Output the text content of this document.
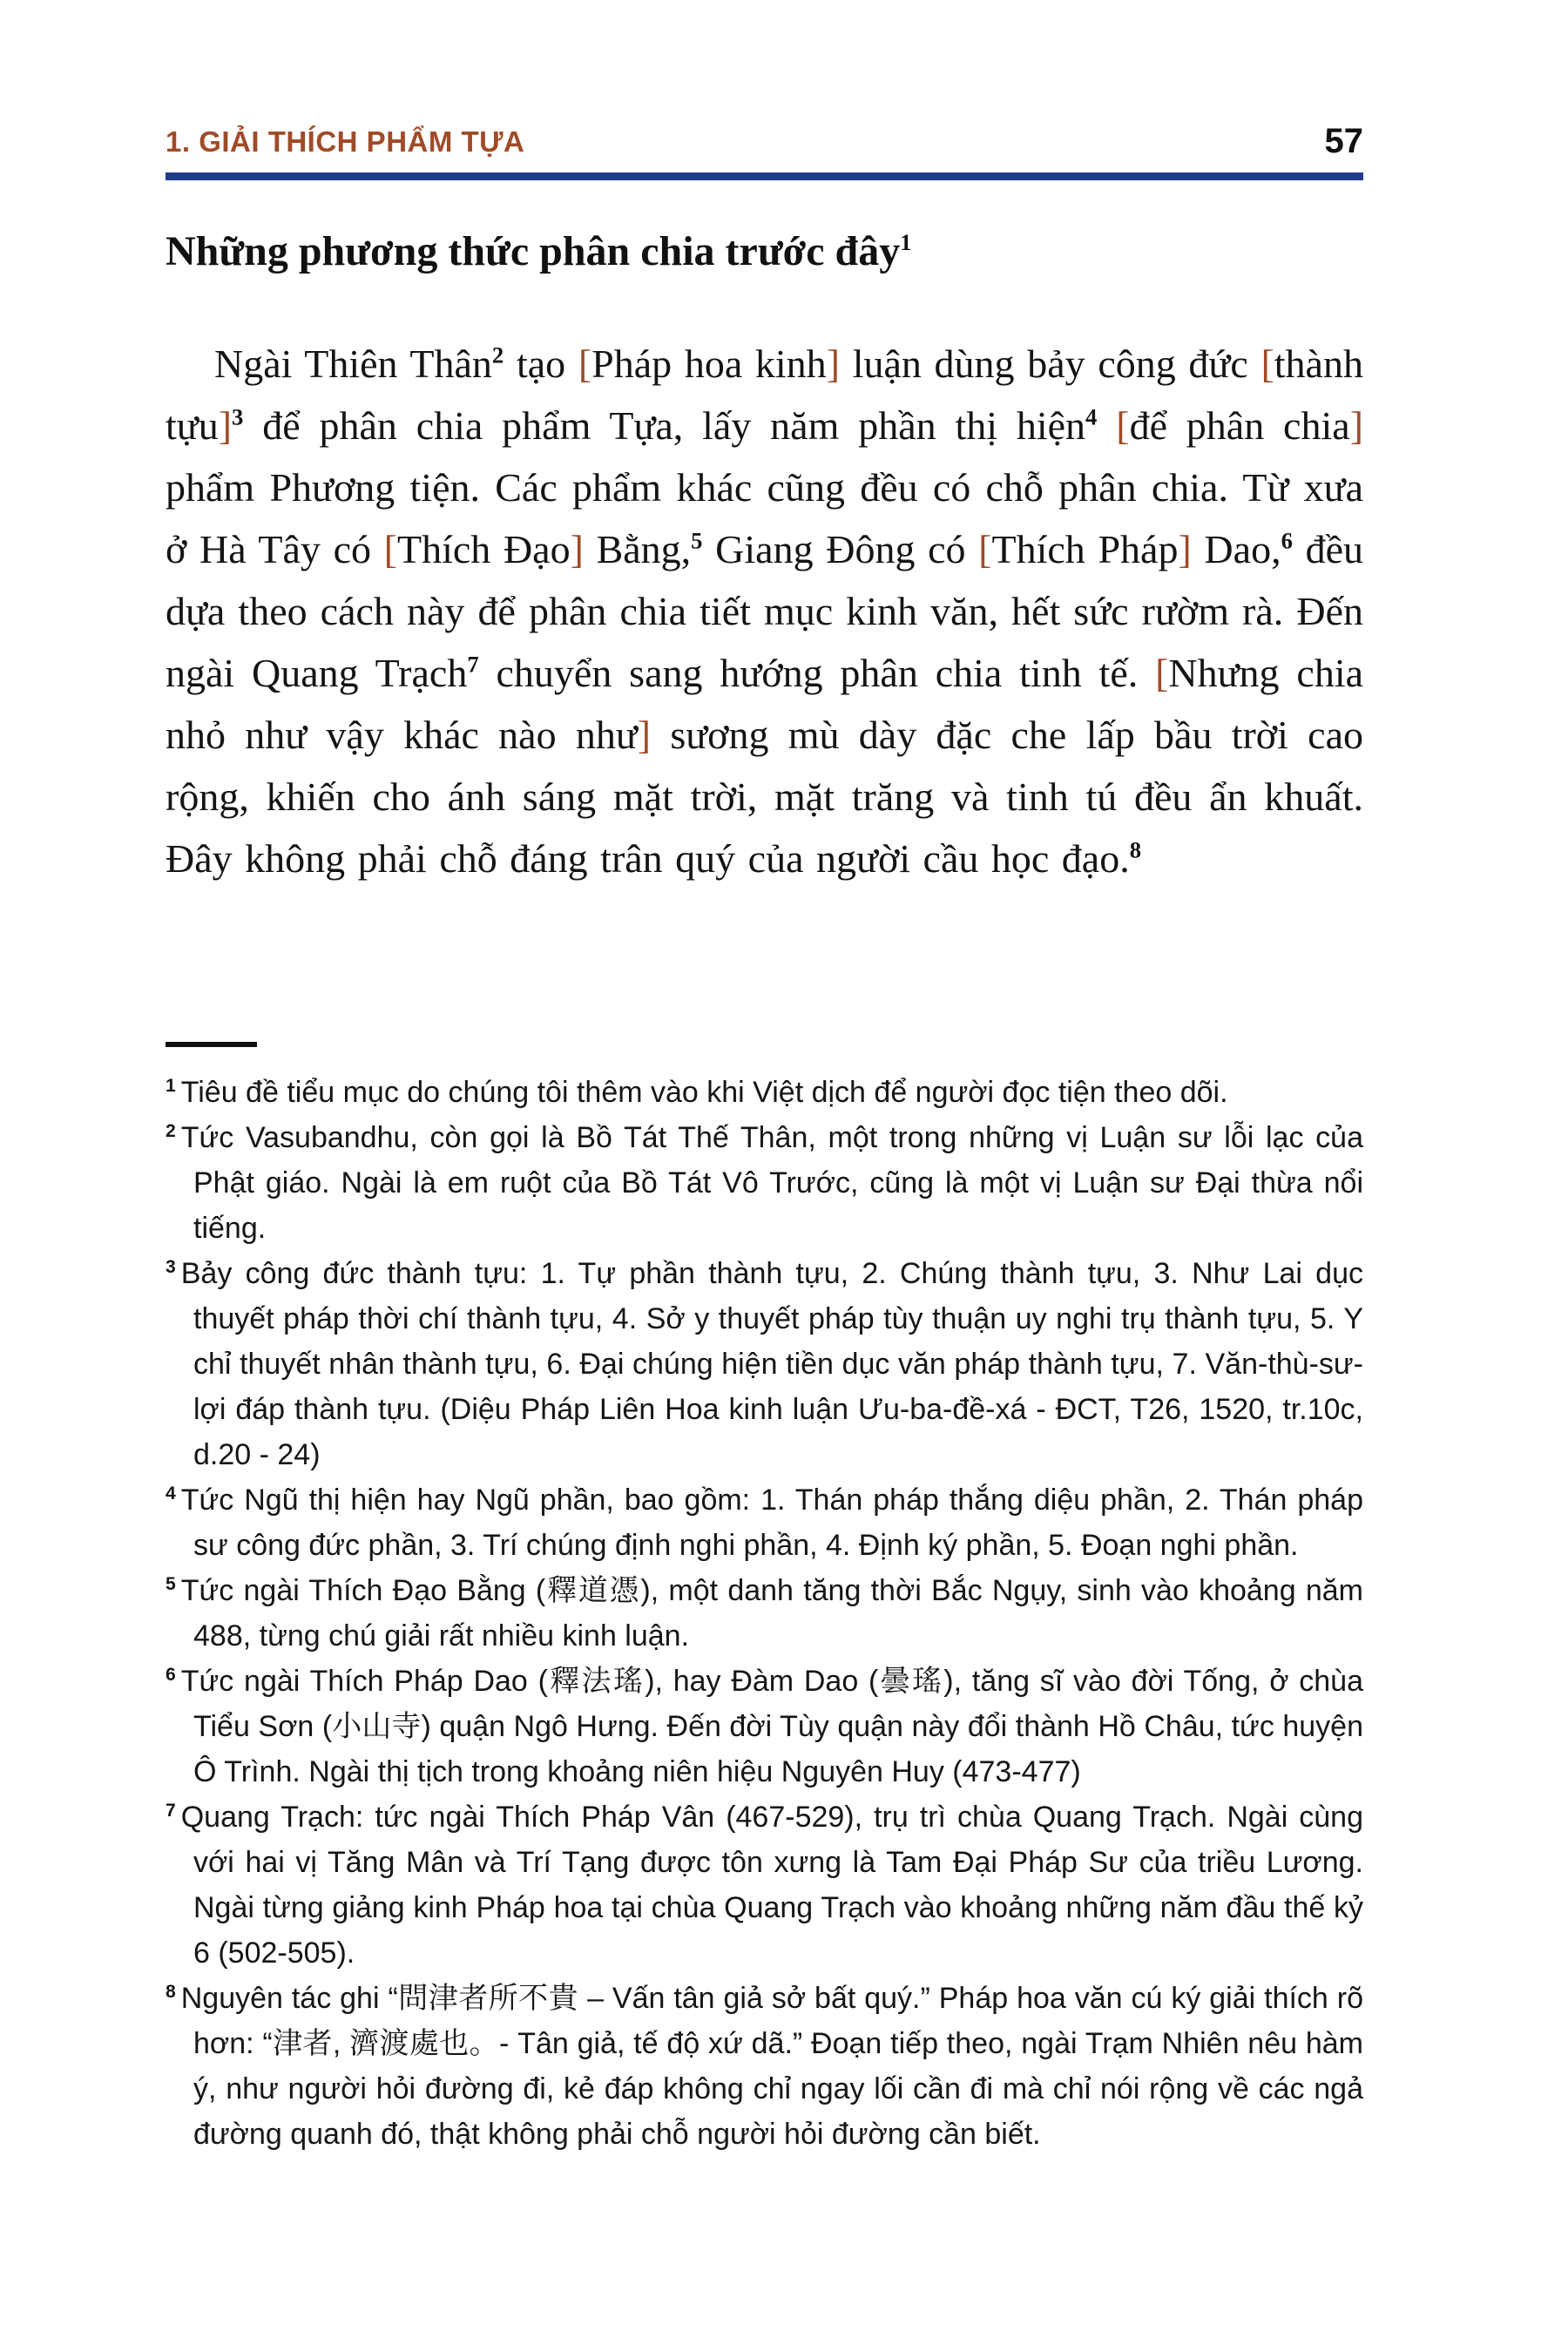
1. GIẢI THÍCH PHẨM TỰA	57
Những phương thức phân chia trước đây$^1$

Ngài Thiên Thân$^2$ tạo [Pháp hoa kinh] luận dùng bảy công đức [thành tựu]$^3$ để phân chia phẩm Tựa, lấy năm phần thị hiện$^4$ [để phân chia] phẩm Phương tiện. Các phẩm khác cũng đều có chỗ phân chia. Từ xưa ở Hà Tây có [Thích Đạo] Bằng,$^5$ Giang Đông có [Thích Pháp] Dao,$^6$ đều dựa theo cách này để phân chia tiết mục kinh văn, hết sức rườm rà. Đến ngài Quang Trạch$^7$ chuyển sang hướng phân chia tinh tế. [Nhưng chia nhỏ như vậy khác nào như] sương mù dày đặc che lấp bầu trời cao rộng, khiến cho ánh sáng mặt trời, mặt trăng và tinh tú đều ẩn khuất. Đây không phải chỗ đáng trân quý của người cầu học đạo.$^8$

$^1$ Tiêu đề tiểu mục do chúng tôi thêm vào khi Việt dịch để người đọc tiện theo dõi.

$^2$ Tức Vasubandhu, còn gọi là Bồ Tát Thế Thân, một trong những vị Luận sư lỗi lạc của Phật giáo. Ngài là em ruột của Bồ Tát Vô Trước, cũng là một vị Luận sư Đại thừa nổi tiếng.

$^3$ Bảy công đức thành tựu: 1. Tự phần thành tựu, 2. Chúng thành tựu, 3. Như Lai dục thuyết pháp thời chí thành tựu, 4. Sở y thuyết pháp tùy thuận uy nghi trụ thành tựu, 5. Y chỉ thuyết nhân thành tựu, 6. Đại chúng hiện tiền dục văn pháp thành tựu, 7. Văn-thù-sư-lợi đáp thành tựu. (Diệu Pháp Liên Hoa kinh luận Ưu-ba-đề-xá - ĐCT, T26, 1520, tr.10c, d.20 - 24)

$^4$ Tức Ngũ thị hiện hay Ngũ phần, bao gồm: 1. Thán pháp thắng diệu phần, 2. Thán pháp sư công đức phần, 3. Trí chúng định nghi phần, 4. Định ký phần, 5. Đoạn nghi phần.

$^5$ Tức ngài Thích Đạo Bằng (釋道憑), một danh tăng thời Bắc Ngụy, sinh vào khoảng năm 488, từng chú giải rất nhiều kinh luận.

$^6$ Tức ngài Thích Pháp Dao (釋法瑤), hay Đàm Dao (曇瑤), tăng sĩ vào đời Tống, ở chùa Tiểu Sơn (小山寺) quận Ngô Hưng. Đến đời Tùy quận này đổi thành Hồ Châu, tức huyện Ô Trình. Ngài thị tịch trong khoảng niên hiệu Nguyên Huy (473-477)

$^7$ Quang Trạch: tức ngài Thích Pháp Vân (467-529), trụ trì chùa Quang Trạch. Ngài cùng với hai vị Tăng Mân và Trí Tạng được tôn xưng là Tam Đại Pháp Sư của triều Lương. Ngài từng giảng kinh Pháp hoa tại chùa Quang Trạch vào khoảng những năm đầu thế kỷ 6 (502-505).

$^8$ Nguyên tác ghi “問津者所不貴 – Vấn tân giả sở bất quý.” Pháp hoa văn cú ký giải thích rõ hơn: “津者, 濟渡處也。- Tân giả, tế độ xứ dã.” Đoạn tiếp theo, ngài Trạm Nhiên nêu hàm ý, như người hỏi đường đi, kẻ đáp không chỉ ngay lối cần đi mà chỉ nói rộng về các ngả đường quanh đó, thật không phải chỗ người hỏi đường cần biết.
